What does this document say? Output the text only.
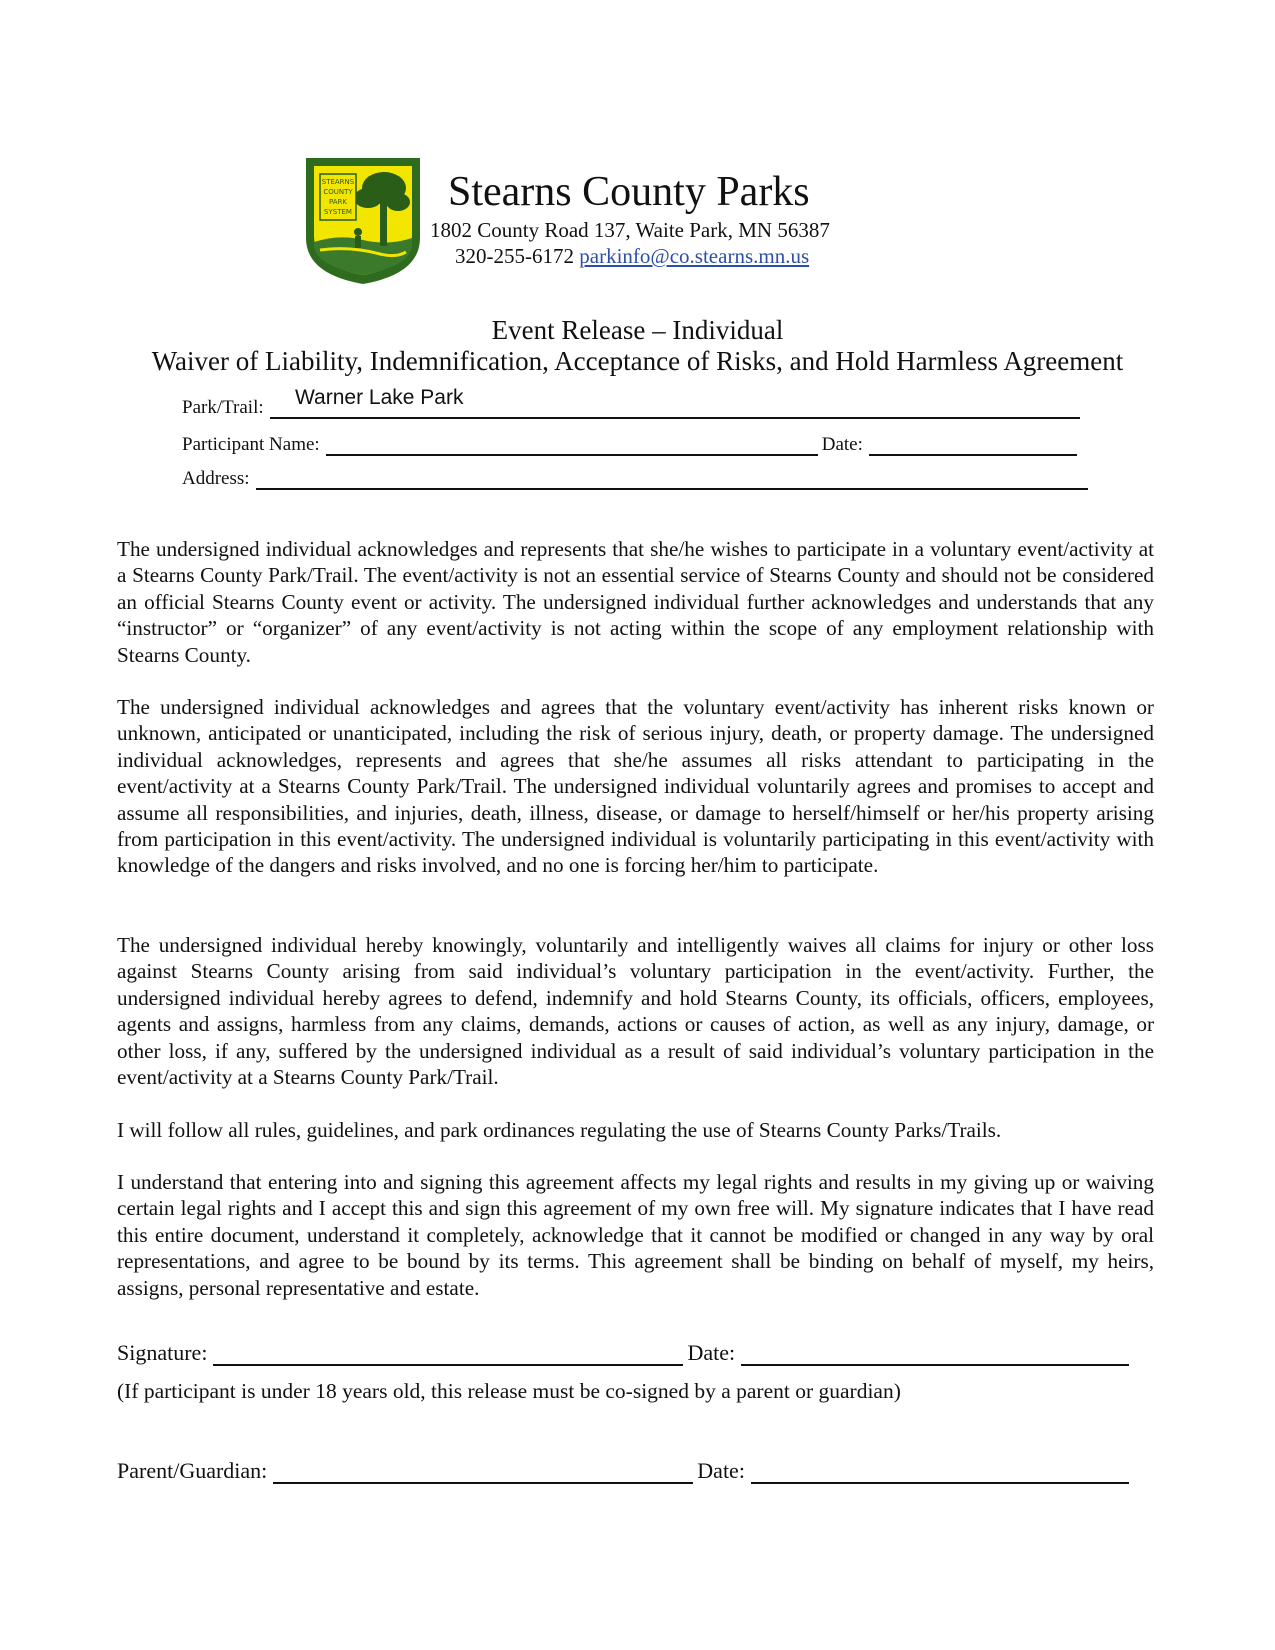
STEARNS
COUNTY
PARK
SYSTEM Stearns County Parks
1802 County Road 137, Waite Park, MN 56387
320-255-6172 parkinfo@co.stearns.mn.us
Event Release – Individual
Waiver of Liability, Indemnification, Acceptance of Risks, and Hold Harmless Agreement
Park/Trail: Warner Lake Park
Participant Name:	Date:
Address:

The undersigned individual acknowledges and represents that she/he wishes to participate in a voluntary event/activity at a Stearns County Park/Trail. The event/activity is not an essential service of Stearns County and should not be considered an official Stearns County event or activity. The undersigned individual further acknowledges and understands that any “instructor” or “organizer” of any event/activity is not acting within the scope of any employment relationship with Stearns County.

The undersigned individual acknowledges and agrees that the voluntary event/activity has inherent risks known or unknown, anticipated or unanticipated, including the risk of serious injury, death, or property damage. The undersigned individual acknowledges, represents and agrees that she/he assumes all risks attendant to participating in the event/activity at a Stearns County Park/Trail. The undersigned individual voluntarily agrees and promises to accept and assume all responsibilities, and injuries, death, illness, disease, or damage to herself/himself or her/his property arising from participation in this event/activity. The undersigned individual is voluntarily participating in this event/activity with knowledge of the dangers and risks involved, and no one is forcing her/him to participate.

The undersigned individual hereby knowingly, voluntarily and intelligently waives all claims for injury or other loss against Stearns County arising from said individual’s voluntary participation in the event/activity. Further, the undersigned individual hereby agrees to defend, indemnify and hold Stearns County, its officials, officers, employees, agents and assigns, harmless from any claims, demands, actions or causes of action, as well as any injury, damage, or other loss, if any, suffered by the undersigned individual as a result of said individual’s voluntary participation in the event/activity at a Stearns County Park/Trail.

I will follow all rules, guidelines, and park ordinances regulating the use of Stearns County Parks/Trails.

I understand that entering into and signing this agreement affects my legal rights and results in my giving up or waiving certain legal rights and I accept this and sign this agreement of my own free will. My signature indicates that I have read this entire document, understand it completely, acknowledge that it cannot be modified or changed in any way by oral representations, and agree to be bound by its terms. This agreement shall be binding on behalf of myself, my heirs, assigns, personal representative and estate.

Signature:	Date:
(If participant is under 18 years old, this release must be co-signed by a parent or guardian)
Parent/Guardian:	Date:
